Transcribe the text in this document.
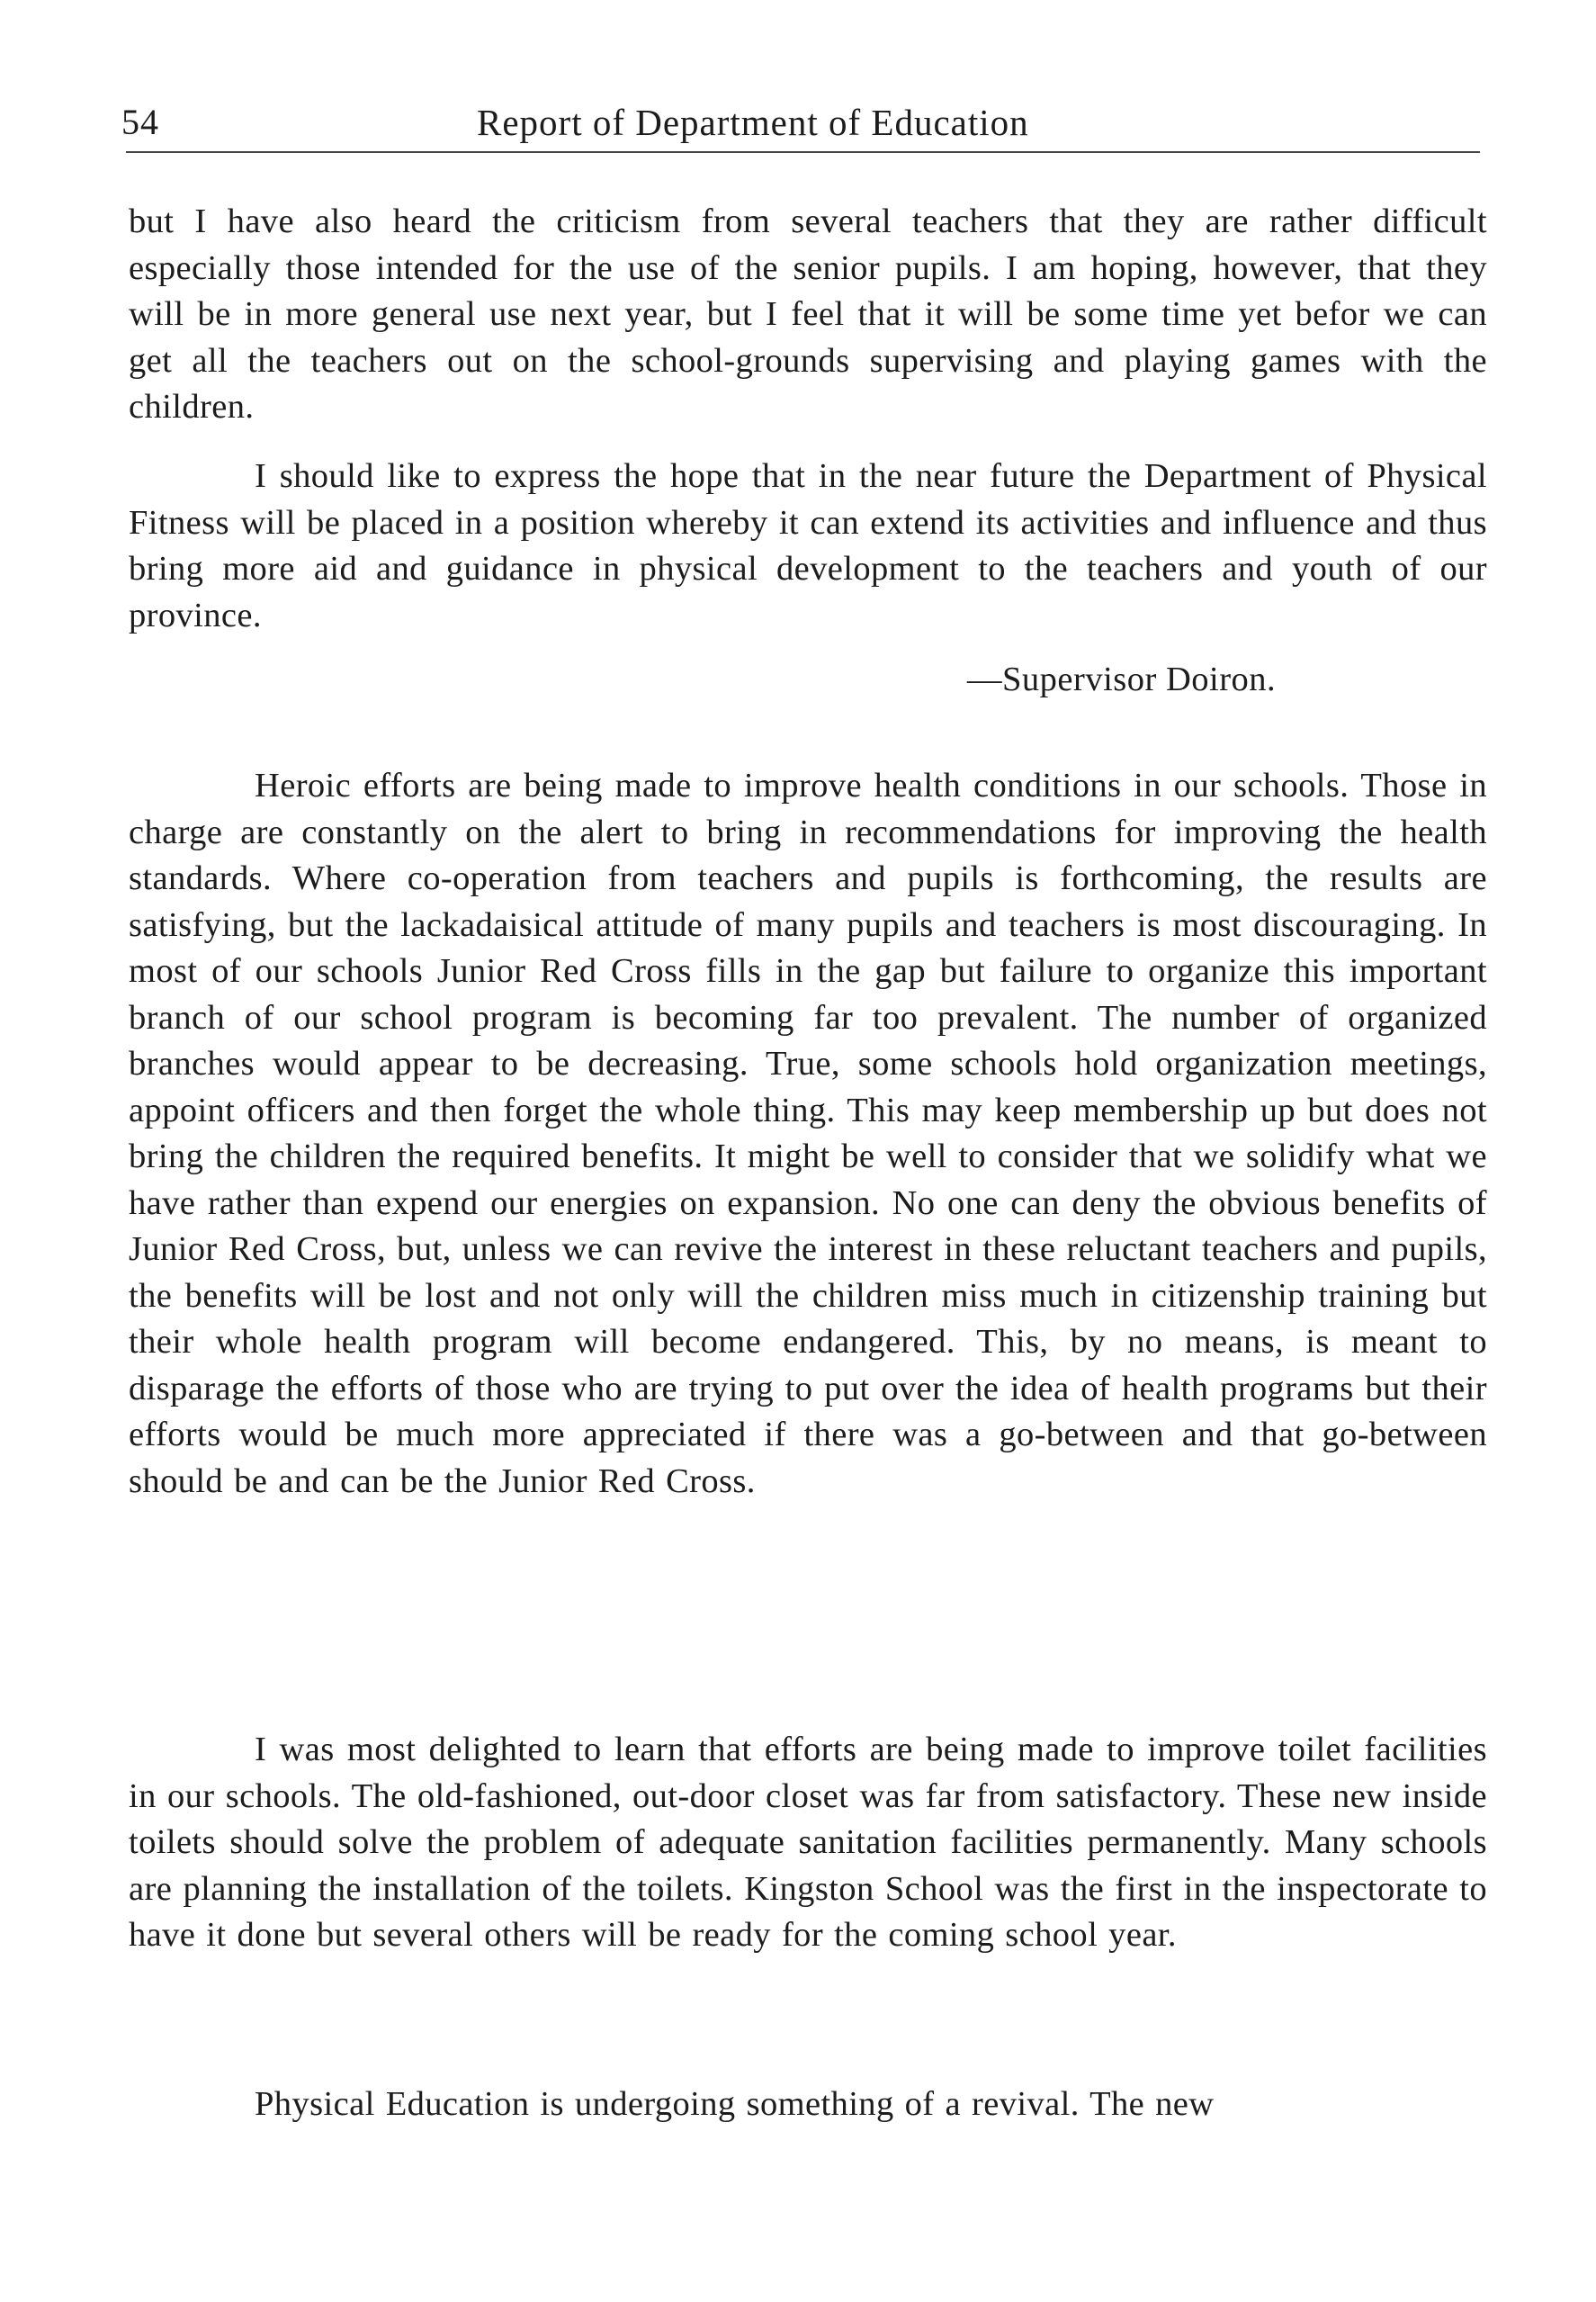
54	Report of Department of Education

but I have also heard the criticism from several teachers that they are rather difficult especially those intended for the use of the senior pupils. I am hoping, however, that they will be in more general use next year, but I feel that it will be some time yet befor we can get all the teachers out on the school-grounds supervising and playing games with the children.

I should like to express the hope that in the near future the Department of Physical Fitness will be placed in a position whereby it can extend its activities and influence and thus bring more aid and guidance in physical development to the teachers and youth of our province.

—Supervisor Doiron.

Heroic efforts are being made to improve health conditions in our schools. Those in charge are constantly on the alert to bring in recommendations for improving the health standards. Where co-operation from teachers and pupils is forthcoming, the results are satisfying, but the lackadaisical attitude of many pupils and teachers is most discouraging. In most of our schools Junior Red Cross fills in the gap but failure to organize this important branch of our school program is becoming far too prevalent. The number of organized branches would appear to be decreasing. True, some schools hold organization meetings, appoint officers and then forget the whole thing. This may keep membership up but does not bring the children the required benefits. It might be well to consider that we solidify what we have rather than expend our energies on expansion. No one can deny the obvious benefits of Junior Red Cross, but, unless we can revive the interest in these reluctant teachers and pupils, the benefits will be lost and not only will the children miss much in citizenship training but their whole health program will become endangered. This, by no means, is meant to disparage the efforts of those who are trying to put over the idea of health programs but their efforts would be much more appreciated if there was a go-between and that go-between should be and can be the Junior Red Cross.

I was most delighted to learn that efforts are being made to improve toilet facilities in our schools. The old-fashioned, out-door closet was far from satisfactory. These new inside toilets should solve the problem of adequate sanitation facilities permanently. Many schools are planning the installation of the toilets. Kingston School was the first in the inspectorate to have it done but several others will be ready for the coming school year.

Physical Education is undergoing something of a revival. The new
